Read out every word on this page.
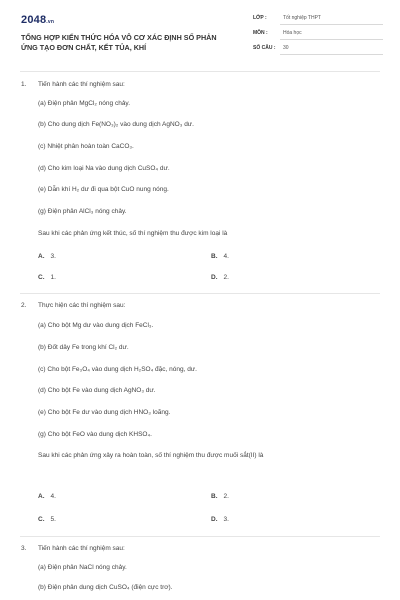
2048.vn
TỔNG HỢP KIẾN THỨC HÓA VÔ CƠ XÁC ĐỊNH SỐ PHẢN
ỨNG TẠO ĐƠN CHẤT, KẾT TỦA, KHÍ
LỚP :	Tốt nghiệp THPT
MÔN :	Hóa học
SỐ CÂU : 30
1. Tiến hành các thí nghiệm sau:
(a) Điện phân MgCl₂ nóng chảy.
(b) Cho dung dịch Fe(NO₃)₂ vào dung dịch AgNO₃ dư.
(c) Nhiệt phân hoàn toàn CaCO₃.
(d) Cho kim loại Na vào dung dịch CuSO₄ dư.
(e) Dẫn khí H₂ dư đi qua bột CuO nung nóng.
(g) Điện phân AlCl₃ nóng chảy.
Sau khi các phản ứng kết thúc, số thí nghiệm thu được kim loại là
A. 3.	B. 4.
C. 1.	D. 2.
2. Thực hiện các thí nghiệm sau:
(a) Cho bột Mg dư vào dung dịch FeCl₃.
(b) Đốt dây Fe trong khí Cl₂ dư.
(c) Cho bột Fe₃O₄ vào dung dịch H₂SO₄ đặc, nóng, dư.
(d) Cho bột Fe vào dung dịch AgNO₃ dư.
(e) Cho bột Fe dư vào dung dịch HNO₃ loãng.
(g) Cho bột FeO vào dung dịch KHSO₄.
Sau khi các phản ứng xảy ra hoàn toàn, số thí nghiệm thu được muối sắt(II) là
A. 4.	B. 2.
C. 5.	D. 3.
3. Tiến hành các thí nghiệm sau:
(a) Điện phân NaCl nóng chảy.
(b) Điện phân dung dịch CuSO₄ (điện cực trơ).
